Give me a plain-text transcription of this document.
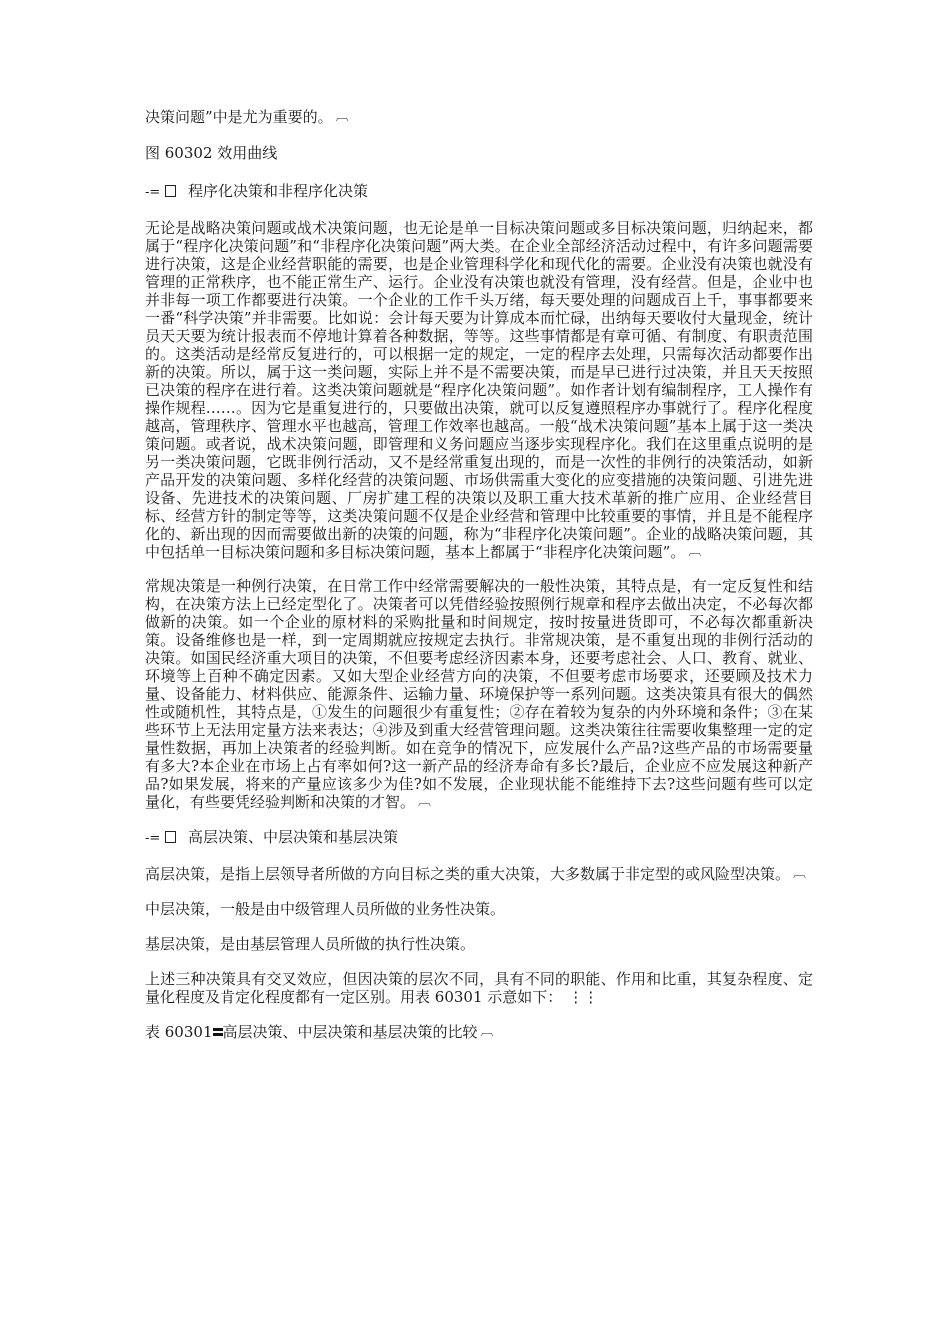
决策问题”中是尤为重要的。 ︹

图 60302 效用曲线

-= 程序化决策和非程序化决策

无论是战略决策问题或战术决策问题，也无论是单一目标决策问题或多目标决策问题，归纳起来，都属于“程序化决策问题”和“非程序化决策问题”两大类。在企业全部经济活动过程中，有许多问题需要进行决策，这是企业经营职能的需要，也是企业管理科学化和现代化的需要。企业没有决策也就没有管理的正常秩序，也不能正常生产、运行。企业没有决策也就没有管理，没有经营。但是，企业中也并非每一项工作都要进行决策。一个企业的工作千头万绪，每天要处理的问题成百上千，事事都要来一番“科学决策”并非需要。比如说：会计每天要为计算成本而忙碌，出纳每天要收付大量现金，统计员天天要为统计报表而不停地计算着各种数据，等等。这些事情都是有章可循、有制度、有职责范围的。这类活动是经常反复进行的，可以根据一定的规定，一定的程序去处理，只需每次活动都要作出新的决策。所以，属于这一类问题，实际上并不是不需要决策，而是早已进行过决策，并且天天按照已决策的程序在进行着。这类决策问题就是“程序化决策问题”。如作者计划有编制程序，工人操作有操作规程……。因为它是重复进行的，只要做出决策，就可以反复遵照程序办事就行了。程序化程度越高，管理秩序、管理水平也越高，管理工作效率也越高。一般“战术决策问题”基本上属于这一类决策问题。或者说，战术决策问题，即管理和义务问题应当逐步实现程序化。我们在这里重点说明的是另一类决策问题，它既非例行活动，又不是经常重复出现的，而是一次性的非例行的决策活动，如新产品开发的决策问题、多样化经营的决策问题、市场供需重大变化的应变措施的决策问题、引进先进设备、先进技术的决策问题、厂房扩建工程的决策以及职工重大技术革新的推广应用、企业经营目标、经营方针的制定等等，这类决策问题不仅是企业经营和管理中比较重要的事情，并且是不能程序化的、新出现的因而需要做出新的决策的问题，称为“非程序化决策问题”。企业的战略决策问题，其中包括单一目标决策问题和多目标决策问题，基本上都属于“非程序化决策问题”。 ︹

常规决策是一种例行决策，在日常工作中经常需要解决的一般性决策，其特点是，有一定反复性和结构，在决策方法上已经定型化了。决策者可以凭借经验按照例行规章和程序去做出决定，不必每次都做新的决策。如一个企业的原材料的采购批量和时间规定，按时按量进货即可，不必每次都重新决策。设备维修也是一样，到一定周期就应按规定去执行。非常规决策，是不重复出现的非例行活动的决策。如国民经济重大项目的决策，不但要考虑经济因素本身，还要考虑社会、人口、教育、就业、环境等上百种不确定因素。又如大型企业经营方向的决策，不但要考虑市场要求，还要顾及技术力量、设备能力、材料供应、能源条件、运输力量、环境保护等一系列问题。这类决策具有很大的偶然性或随机性，其特点是，①发生的问题很少有重复性；②存在着较为复杂的内外环境和条件；③在某些环节上无法用定量方法来表达；④涉及到重大经营管理问题。这类决策往往需要收集整理一定的定量性数据，再加上决策者的经验判断。如在竞争的情况下，应发展什么产品?这些产品的市场需要量有多大?本企业在市场上占有率如何?这一新产品的经济寿命有多长?最后，企业应不应发展这种新产品?如果发展，将来的产量应该多少为佳?如不发展，企业现状能不能维持下去?这些问题有些可以定量化，有些要凭经验判断和决策的才智。 ︹

-= 高层决策、中层决策和基层决策

高层决策，是指上层领导者所做的方向目标之类的重大决策，大多数属于非定型的或风险型决策。 ︹

中层决策，一般是由中级管理人员所做的业务性决策。

基层决策，是由基层管理人员所做的执行性决策。

上述三种决策具有交叉效应，但因决策的层次不同，具有不同的职能、作用和比重，其复杂程度、定量化程度及肯定化程度都有一定区别。用表 60301 示意如下： ⋮⋮

表 60301 高层决策、中层决策和基层决策的比较 ︹
